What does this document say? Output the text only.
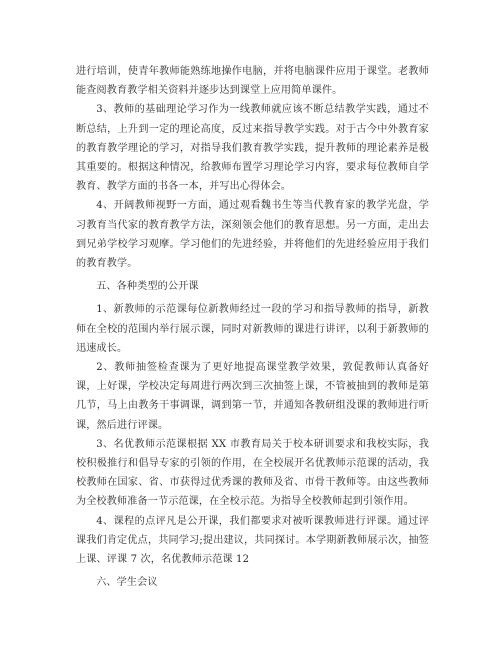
进行培训，使青年教师能熟练地操作电脑，并将电脑课件应用于课堂。老教师能查阅教育教学相关资料并逐步达到课堂上应用简单课件。

3、教师的基础理论学习作为一线教师就应该不断总结教学实践，通过不断总结，上升到一定的理论高度，反过来指导教学实践。对于古今中外教育家的教育教学理论的学习，对指导我们教育教学实践，提升教师的理论素养是极其重要的。根据这种情况，给教师布置学习理论学习内容，要求每位教师自学教育、教学方面的书各一本，并写出心得体会。

4、开阔教师视野一方面，通过观看魏书生等当代教育家的教学光盘，学习教育当代家的教育教学方法，深刻领会他们的教育思想。另一方面，走出去到兄弟学校学习观摩。学习他们的先进经验，并将他们的先进经验应用于我们的教育教学。

五、各种类型的公开课

1、新教师的示范课每位新教师经过一段的学习和指导教师的指导，新教师在全校的范围内举行展示课，同时对新教师的课进行讲评，以利于新教师的迅速成长。

2、教师抽签检查课为了更好地提高课堂教学效果，敦促教师认真备好课，上好课，学校决定每周进行两次到三次抽签上课，不管被抽到的教师是第几节，马上由教务干事调课，调到第一节，并通知各教研组没课的教师进行听课，然后进行评课。

3、名优教师示范课根据 XX 市教育局关于校本研训要求和我校实际，我校积极推行和倡导专家的引领的作用，在全校展开名优教师示范课的活动，我校教师在国家、省、市获得过优秀课的教师及省、市骨干教师等。由这些教师为全校教师准备一节示范课，在全校示范。为指导全校教师起到引领作用。

4、课程的点评凡是公开课，我们都要求对被听课教师进行评课。通过评课我们肯定优点，共同学习;提出建议，共同探讨。本学期新教师展示次，抽签上课、评课 7 次，名优教师示范课 12

六、学生会议
